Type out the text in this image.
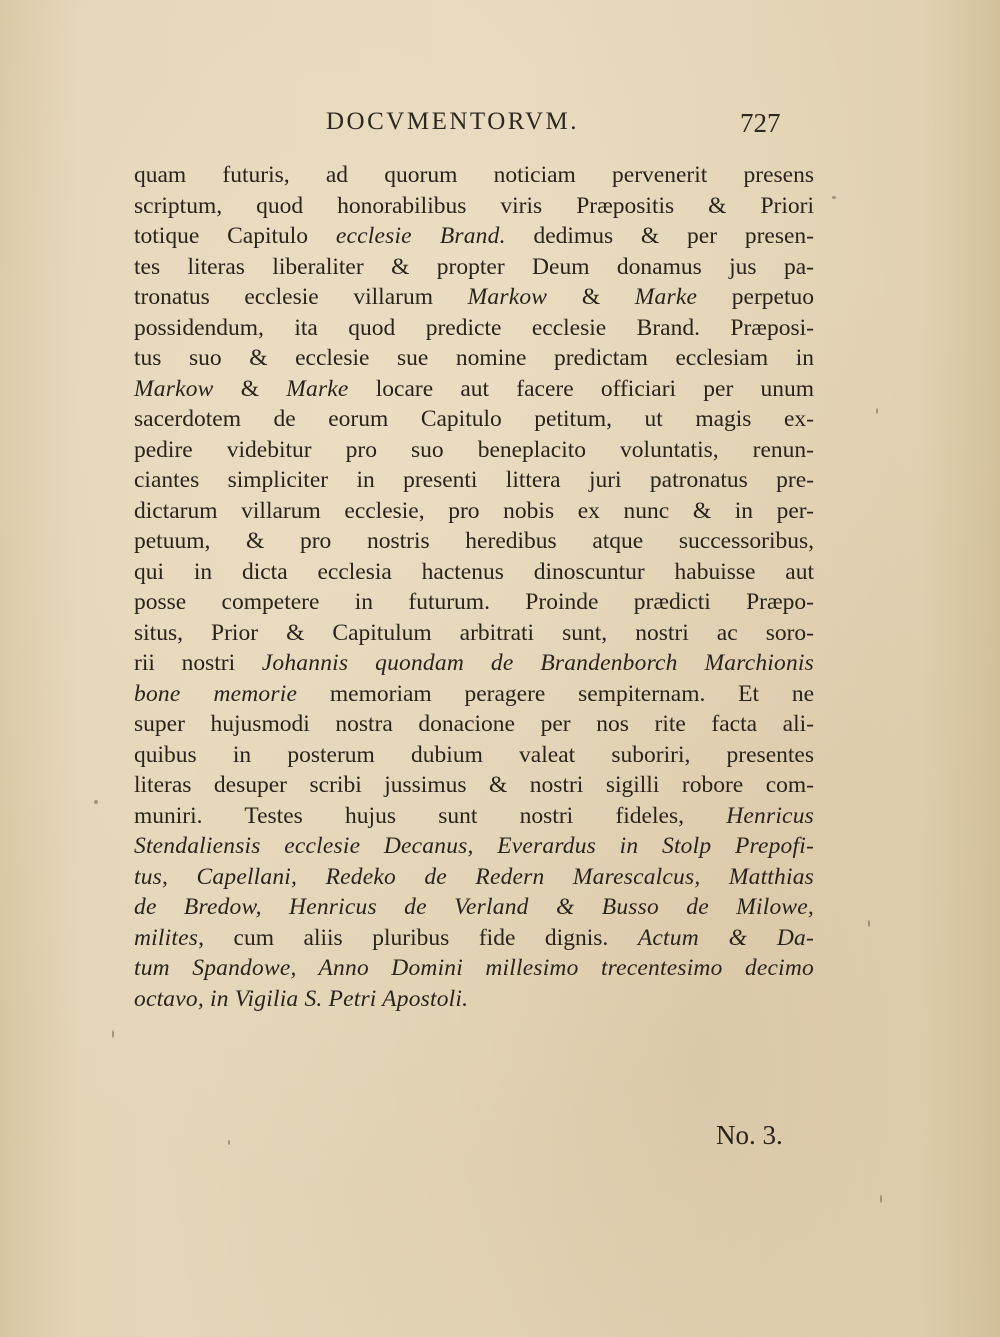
DOCVMENTORVM.	727
quam futuris, ad quorum noticiam pervenerit presens
scriptum, quod honorabilibus viris Præpositis & Priori
totique Capitulo ecclesie Brand. dedimus & per presen-
tes literas liberaliter & propter Deum donamus jus pa-
tronatus ecclesie villarum Markow & Marke perpetuo
possidendum, ita quod predicte ecclesie Brand. Præposi-
tus suo & ecclesie sue nomine predictam ecclesiam in
Markow & Marke locare aut facere officiari per unum
sacerdotem de eorum Capitulo petitum, ut magis ex-
pedire videbitur pro suo beneplacito voluntatis, renun-
ciantes simpliciter in presenti littera juri patronatus pre-
dictarum villarum ecclesie, pro nobis ex nunc & in per-
petuum, & pro nostris heredibus atque successoribus,
qui in dicta ecclesia hactenus dinoscuntur habuisse aut
posse competere in futurum. Proinde prædicti Præpo-
situs, Prior & Capitulum arbitrati sunt, nostri ac soro-
rii nostri Johannis quondam de Brandenborch Marchionis
bone memorie memoriam peragere sempiternam. Et ne
super hujusmodi nostra donacione per nos rite facta ali-
quibus in posterum dubium valeat suboriri, presentes
literas desuper scribi jussimus & nostri sigilli robore com-
muniri. Testes hujus sunt nostri fideles, Henricus
Stendaliensis ecclesie Decanus, Everardus in Stolp Prepofi-
tus, Capellani, Redeko de Redern Marescalcus, Matthias
de Bredow, Henricus de Verland & Busso de Milowe,
milites, cum aliis pluribus fide dignis. Actum & Da-
tum Spandowe, Anno Domini millesimo trecentesimo decimo
octavo, in Vigilia S. Petri Apostoli.
No. 3.
